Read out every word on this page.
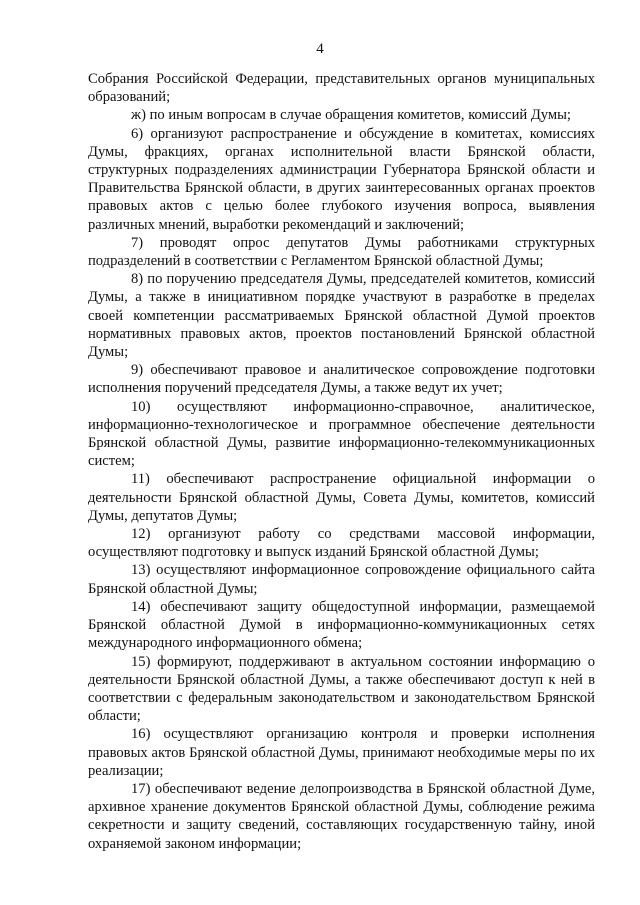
4

Собрания Российской Федерации, представительных органов муниципальных образований;

ж) по иным вопросам в случае обращения комитетов, комиссий Думы;

6) организуют распространение и обсуждение в комитетах, комиссиях Думы, фракциях, органах исполнительной власти Брянской области, структурных подразделениях администрации Губернатора Брянской области и Правительства Брянской области, в других заинтересованных органах проектов правовых актов с целью более глубокого изучения вопроса, выявления различных мнений, выработки рекомендаций и заключений;

7) проводят опрос депутатов Думы работниками структурных подразделений в соответствии с Регламентом Брянской областной Думы;

8) по поручению председателя Думы, председателей комитетов, комиссий Думы, а также в инициативном порядке участвуют в разработке в пределах своей компетенции рассматриваемых Брянской областной Думой проектов нормативных правовых актов, проектов постановлений Брянской областной Думы;

9) обеспечивают правовое и аналитическое сопровождение подготовки исполнения поручений председателя Думы, а также ведут их учет;

10) осуществляют информационно-справочное, аналитическое, информационно-технологическое и программное обеспечение деятельности Брянской областной Думы, развитие информационно-телекоммуникационных систем;

11) обеспечивают распространение официальной информации о деятельности Брянской областной Думы, Совета Думы, комитетов, комиссий Думы, депутатов Думы;

12) организуют работу со средствами массовой информации, осуществляют подготовку и выпуск изданий Брянской областной Думы;

13) осуществляют информационное сопровождение официального сайта Брянской областной Думы;

14) обеспечивают защиту общедоступной информации, размещаемой Брянской областной Думой в информационно-коммуникационных сетях международного информационного обмена;

15) формируют, поддерживают в актуальном состоянии информацию о деятельности Брянской областной Думы, а также обеспечивают доступ к ней в соответствии с федеральным законодательством и законодательством Брянской области;

16) осуществляют организацию контроля и проверки исполнения правовых актов Брянской областной Думы, принимают необходимые меры по их реализации;

17) обеспечивают ведение делопроизводства в Брянской областной Думе, архивное хранение документов Брянской областной Думы, соблюдение режима секретности и защиту сведений, составляющих государственную тайну, иной охраняемой законом информации;
